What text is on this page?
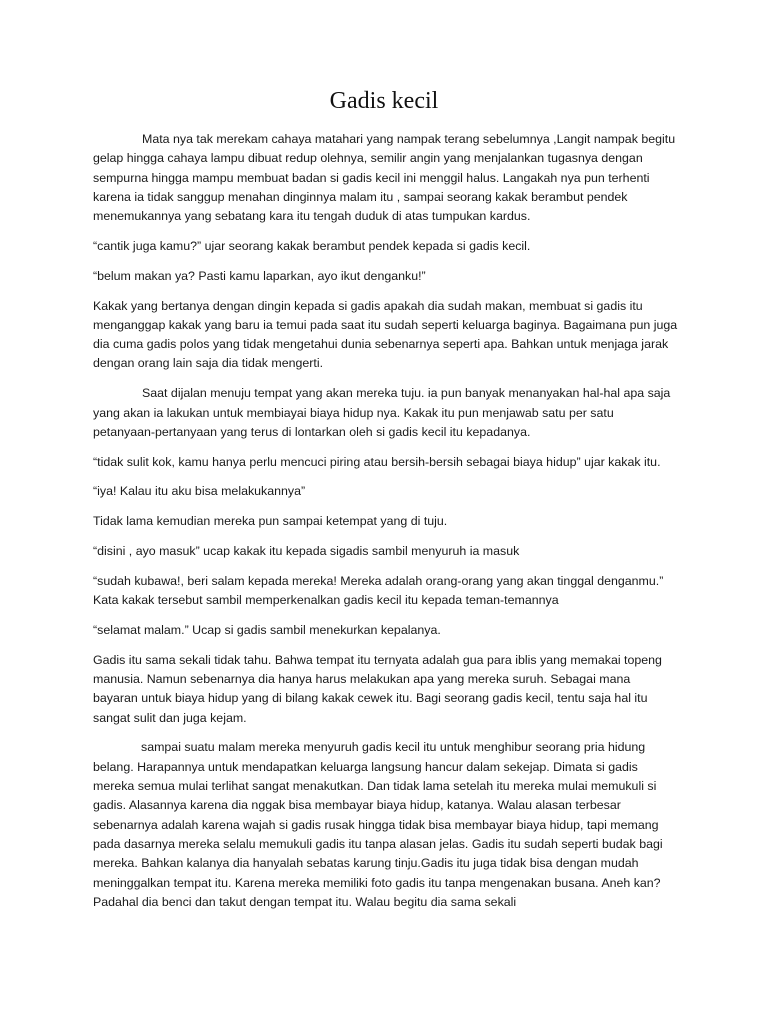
Gadis kecil

Mata nya tak merekam cahaya matahari yang nampak terang sebelumnya ,Langit nampak begitu gelap hingga cahaya lampu dibuat redup olehnya, semilir angin yang menjalankan tugasnya dengan sempurna hingga mampu membuat badan si gadis kecil ini menggil halus. Langakah nya pun terhenti karena ia tidak sanggup menahan dinginnya malam itu , sampai seorang kakak berambut pendek menemukannya yang sebatang kara itu tengah duduk di atas tumpukan kardus.

“cantik juga kamu?” ujar seorang kakak berambut pendek kepada si gadis kecil.

“belum makan ya? Pasti kamu laparkan, ayo ikut denganku!”

Kakak yang bertanya dengan dingin kepada si gadis apakah dia sudah makan, membuat si gadis itu menganggap kakak yang baru ia temui pada saat itu sudah seperti keluarga baginya. Bagaimana pun juga dia cuma gadis polos yang tidak mengetahui dunia sebenarnya seperti apa. Bahkan untuk menjaga jarak dengan orang lain saja dia tidak mengerti.

Saat dijalan menuju tempat yang akan mereka tuju. ia pun banyak menanyakan hal-hal apa saja yang akan ia lakukan untuk membiayai biaya hidup nya. Kakak itu pun menjawab satu per satu petanyaan-pertanyaan yang terus di lontarkan oleh si gadis kecil itu kepadanya.

“tidak sulit kok, kamu hanya perlu mencuci piring atau bersih-bersih sebagai biaya hidup” ujar kakak itu.

“iya! Kalau itu aku bisa melakukannya”

Tidak lama kemudian mereka pun sampai ketempat yang di tuju.

“disini , ayo masuk” ucap kakak itu kepada sigadis sambil menyuruh ia masuk

“sudah kubawa!, beri salam kepada mereka! Mereka adalah orang-orang yang akan tinggal denganmu.” Kata kakak tersebut sambil memperkenalkan gadis kecil itu kepada teman-temannya

“selamat malam.” Ucap si gadis sambil menekurkan kepalanya.

Gadis itu sama sekali tidak tahu. Bahwa tempat itu ternyata adalah gua para iblis yang memakai topeng manusia. Namun sebenarnya dia hanya harus melakukan apa yang mereka suruh. Sebagai mana bayaran untuk biaya hidup yang di bilang kakak cewek itu. Bagi seorang gadis kecil, tentu saja hal itu sangat sulit dan juga kejam.

sampai suatu malam mereka menyuruh gadis kecil itu untuk menghibur seorang pria hidung belang. Harapannya untuk mendapatkan keluarga langsung hancur dalam sekejap. Dimata si gadis mereka semua mulai terlihat sangat menakutkan. Dan tidak lama setelah itu mereka mulai memukuli si gadis. Alasannya karena dia nggak bisa membayar biaya hidup, katanya. Walau alasan terbesar sebenarnya adalah karena wajah si gadis rusak hingga tidak bisa membayar biaya hidup, tapi memang pada dasarnya mereka selalu memukuli gadis itu tanpa alasan jelas. Gadis itu sudah seperti budak bagi mereka. Bahkan kalanya dia hanyalah sebatas karung tinju.Gadis itu juga tidak bisa dengan mudah meninggalkan tempat itu. Karena mereka memiliki foto gadis itu tanpa mengenakan busana. Aneh kan? Padahal dia benci dan takut dengan tempat itu. Walau begitu dia sama sekali
